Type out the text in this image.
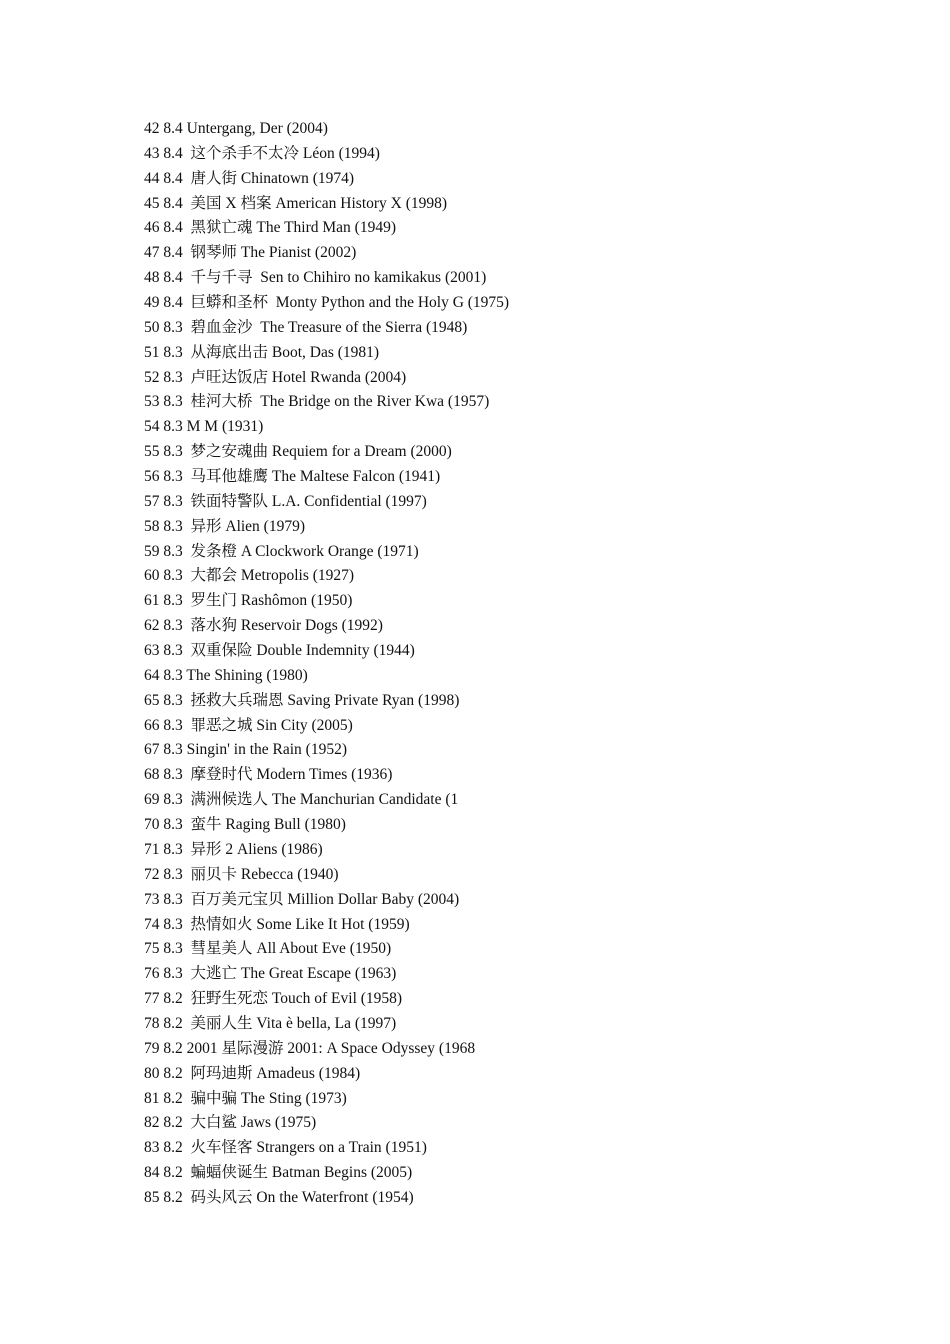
42 8.4 Untergang, Der (2004)
43 8.4  这个杀手不太冷 Léon (1994)
44 8.4  唐人街 Chinatown (1974)
45 8.4  美国 X 档案 American History X (1998)
46 8.4  黑狱亡魂 The Third Man (1949)
47 8.4  钢琴师 The Pianist (2002)
48 8.4  千与千寻  Sen to Chihiro no kamikakus (2001)
49 8.4  巨蟒和圣杯  Monty Python and the Holy G (1975)
50 8.3  碧血金沙  The Treasure of the Sierra (1948)
51 8.3  从海底出击 Boot, Das (1981)
52 8.3  卢旺达饭店 Hotel Rwanda (2004)
53 8.3  桂河大桥  The Bridge on the River Kwa (1957)
54 8.3 M M (1931)
55 8.3  梦之安魂曲 Requiem for a Dream (2000)
56 8.3  马耳他雄鹰 The Maltese Falcon (1941)
57 8.3  铁面特警队 L.A. Confidential (1997)
58 8.3  异形 Alien (1979)
59 8.3  发条橙 A Clockwork Orange (1971)
60 8.3  大都会 Metropolis (1927)
61 8.3  罗生门 Rashômon (1950)
62 8.3  落水狗 Reservoir Dogs (1992)
63 8.3  双重保险 Double Indemnity (1944)
64 8.3 The Shining (1980)
65 8.3  拯救大兵瑞恩 Saving Private Ryan (1998)
66 8.3  罪恶之城 Sin City (2005)
67 8.3 Singin' in the Rain (1952)
68 8.3  摩登时代 Modern Times (1936)
69 8.3  满洲候选人 The Manchurian Candidate (1
70 8.3  蛮牛 Raging Bull (1980)
71 8.3  异形 2 Aliens (1986)
72 8.3  丽贝卡 Rebecca (1940)
73 8.3  百万美元宝贝 Million Dollar Baby (2004)
74 8.3  热情如火 Some Like It Hot (1959)
75 8.3  彗星美人 All About Eve (1950)
76 8.3  大逃亡 The Great Escape (1963)
77 8.2  狂野生死恋 Touch of Evil (1958)
78 8.2  美丽人生 Vita è bella, La (1997)
79 8.2 2001 星际漫游 2001: A Space Odyssey (1968
80 8.2  阿玛迪斯 Amadeus (1984)
81 8.2  骗中骗 The Sting (1973)
82 8.2  大白鲨 Jaws (1975)
83 8.2  火车怪客 Strangers on a Train (1951)
84 8.2  蝙蝠侠诞生 Batman Begins (2005)
85 8.2  码头风云 On the Waterfront (1954)
